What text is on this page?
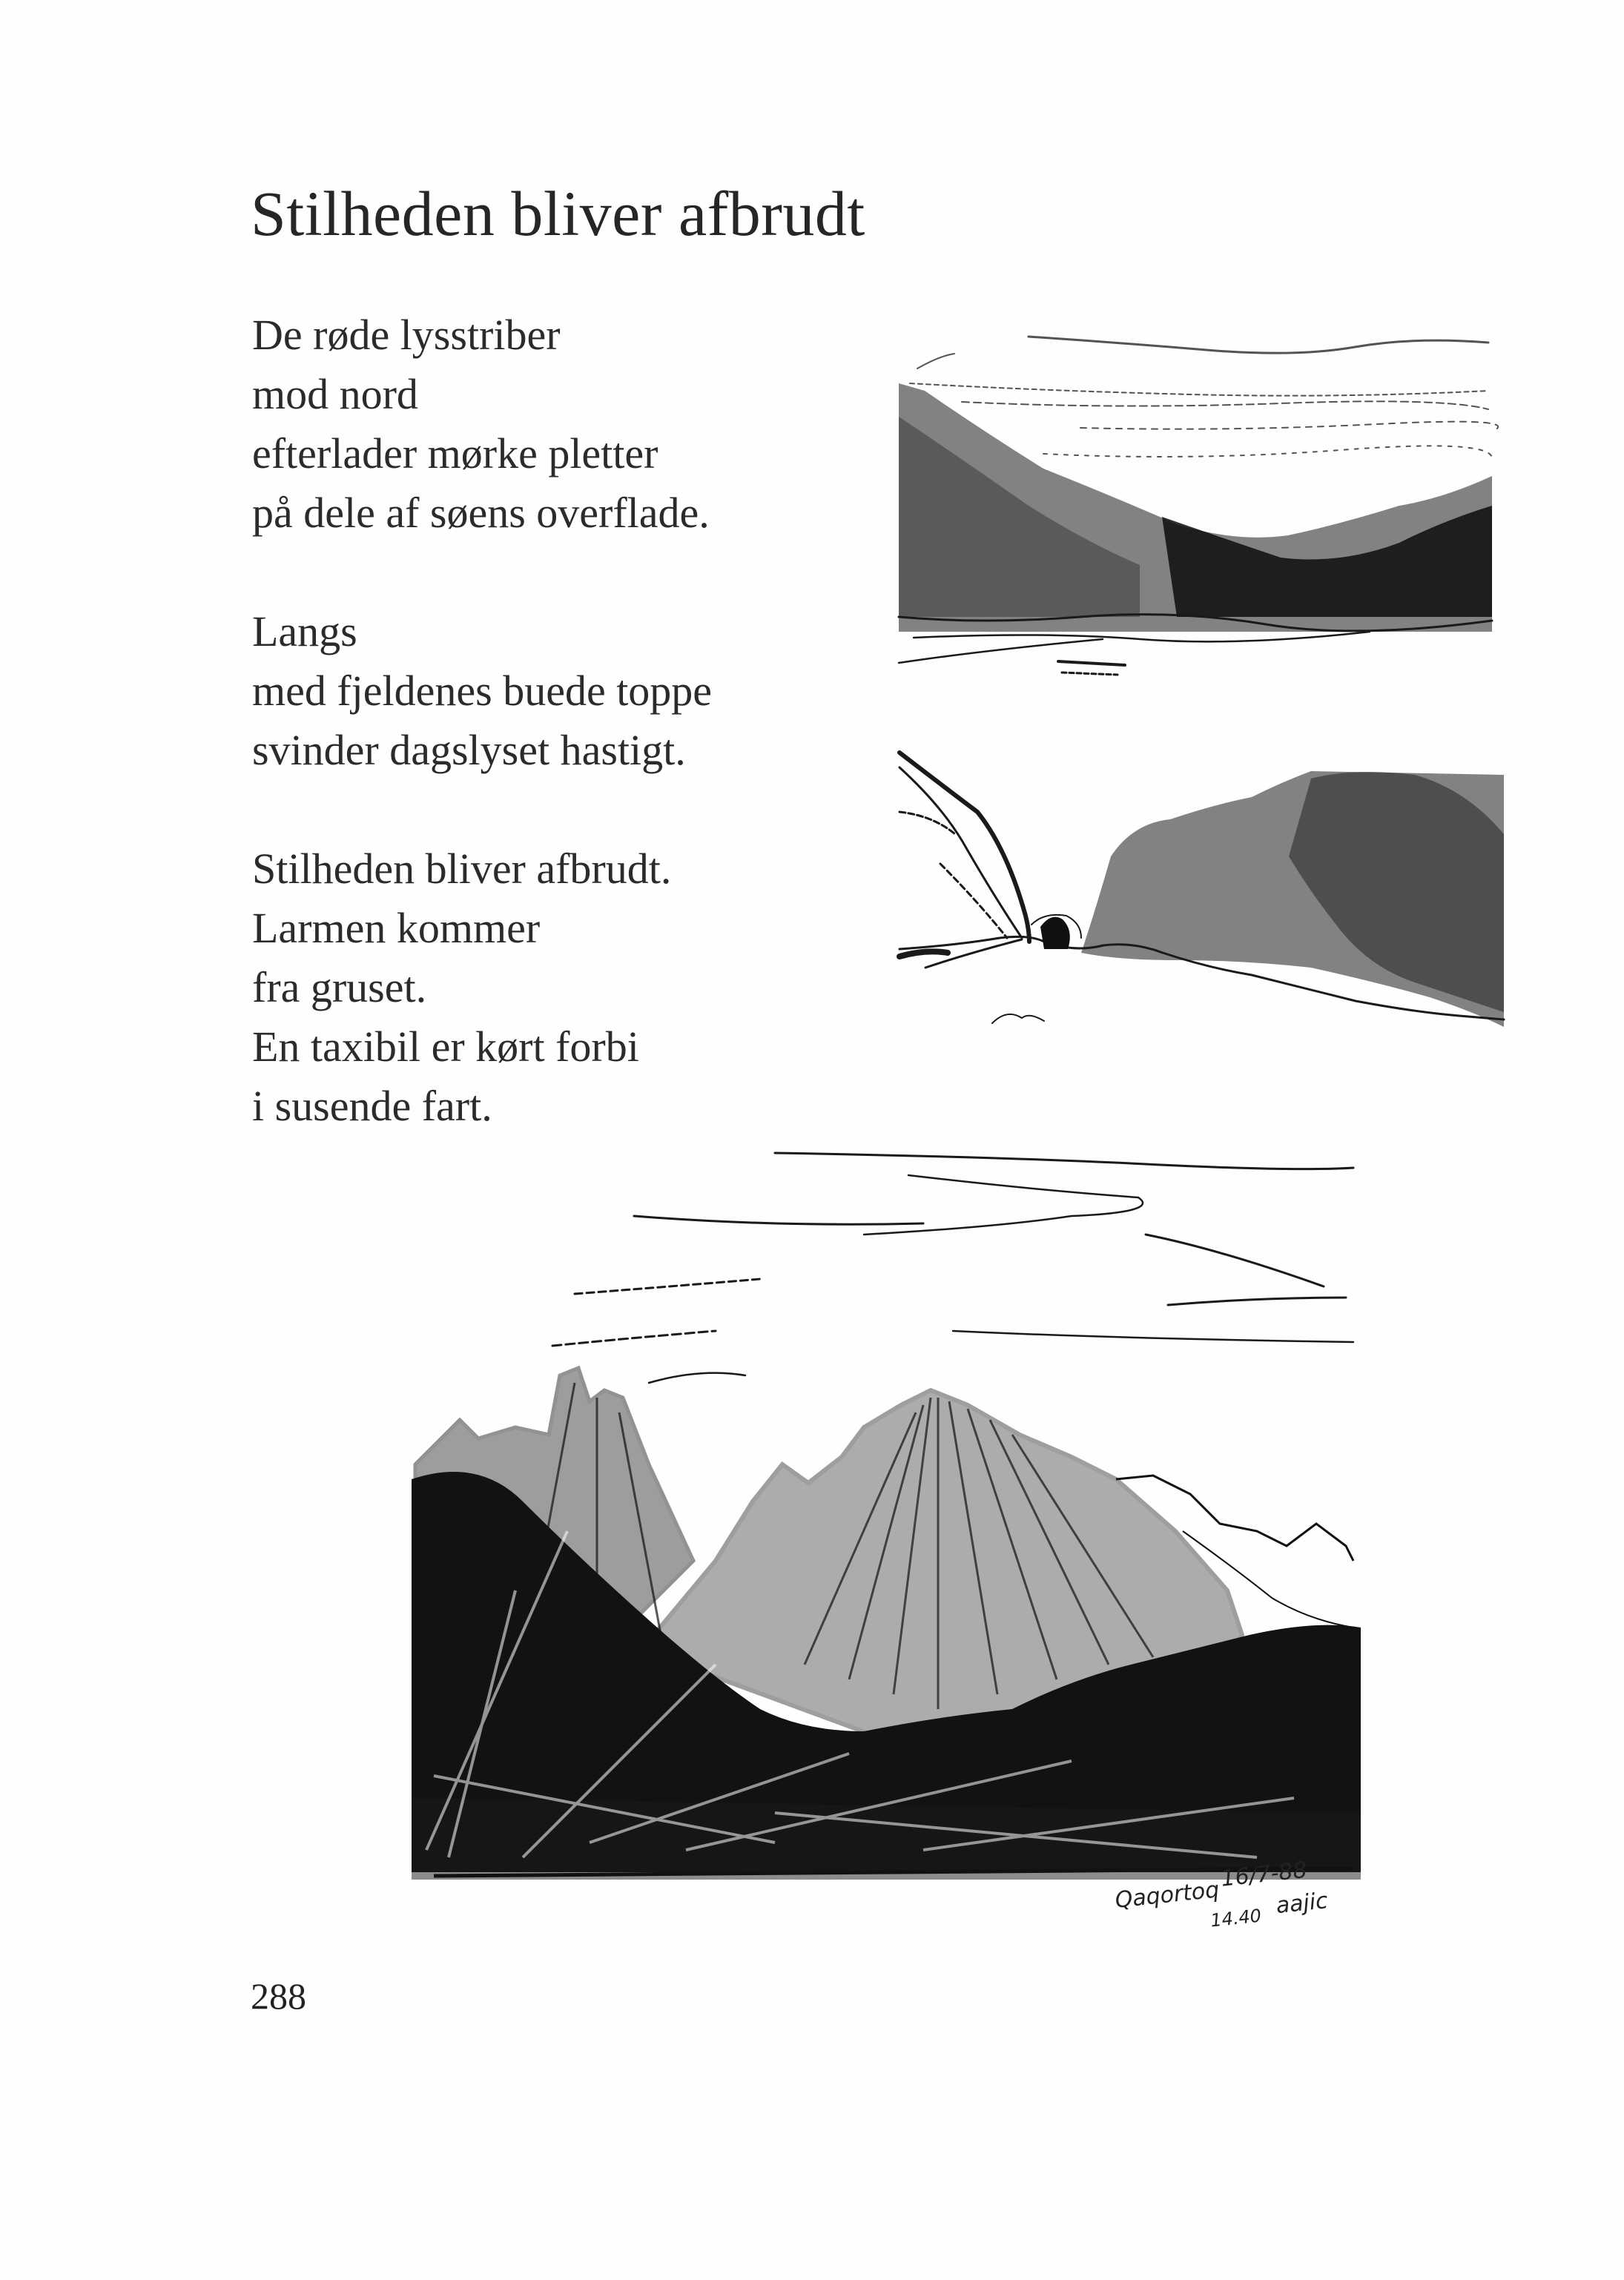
Stilheden bliver afbrudt

De røde lysstriber
mod nord
efterlader mørke pletter
på dele af søens overflade.

Langs
med fjeldenes buede toppe
svinder dagslyset hastigt.

Stilheden bliver afbrudt.
Larmen kommer
fra gruset.
En taxibil er kørt forbi
i susende fart.

Qaqortoq
16/7-88
14.40 aajic
288
